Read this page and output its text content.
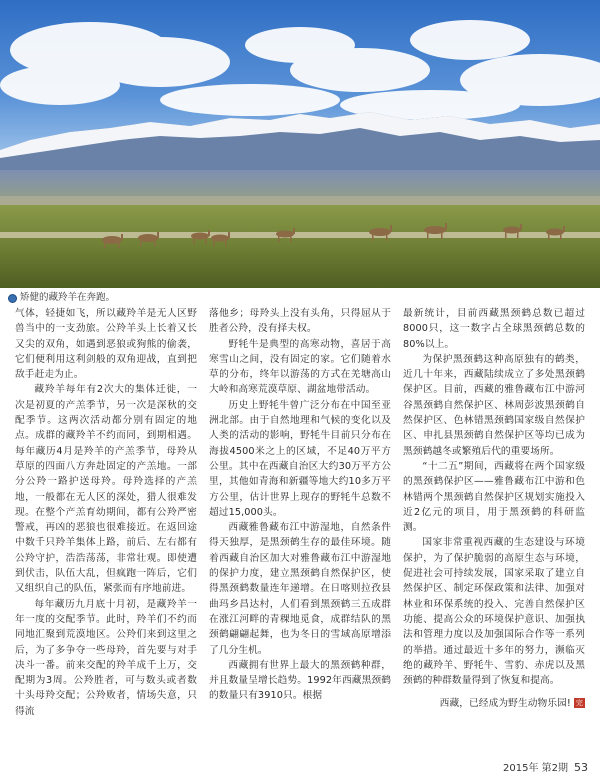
矫健的藏羚羊在奔跑。

气体，轻捷如飞，所以藏羚羊是无人区野兽当中的一支劲旅。公羚羊头上长着又长又尖的双角，如遇到恶狼或狗熊的偷袭，它们便利用这利剑般的双角迎战，直到把敌手赶走为止。

藏羚羊每年有2次大的集体迁徙，一次是初夏的产羔季节，另一次是深秋的交配季节。这两次活动都分别有固定的地点。成群的藏羚羊不约而同，到期相遇。每年藏历4月是羚羊的产羔季节，母羚从草原的四面八方奔赴固定的产羔地。一部分公羚一路护送母羚。母羚选择的产羔地，一般都在无人区的深处，猎人很难发现。在整个产羔育幼期间，都有公羚严密警戒，再凶的恶狼也很难接近。在返回途中数千只羚羊集体上路，前后、左右都有公羚守护，浩浩荡荡，非常壮观。即使遭到伏击，队伍大乱，但疯跑一阵后，它们又组织自己的队伍，紧张而有序地前进。

每年藏历九月底十月初，是藏羚羊一年一度的交配季节。此时，羚羊们不约而同地汇聚到荒漠地区。公羚们来到这里之后，为了多争夺一些母羚，首先要与对手决斗一番。前来交配的羚羊成千上万，交配期为3周。公羚胜者，可与数头或者数十头母羚交配；公羚败者，情场失意，只得流

落他乡；母羚头上没有头角，只得屈从于胜者公羚，没有择夫权。

野牦牛是典型的高寒动物，喜居于高寒雪山之间，没有固定的家。它们随着水草的分布，终年以游荡的方式在羌塘高山大岭和高寒荒漠草原、湖盆地带活动。

历史上野牦牛曾广泛分布在中国至亚洲北部。由于自然地理和气候的变化以及人类的活动的影响，野牦牛目前只分布在海拔4500米之上的区域，不足40万平方公里。其中在西藏自治区大约30万平方公里，其他如青海和新疆等地大约10多万平方公里，估计世界上现存的野牦牛总数不超过15,000头。

西藏雅鲁藏布江中游湿地，自然条件得天独厚，是黑颈鹤生存的最佳环境。随着西藏自治区加大对雅鲁藏布江中游湿地的保护力度，建立黑颈鹤自然保护区，使得黑颈鹤数量连年递增。在日喀则拉孜县曲玛乡昌达村，人们看到黑颈鹤三五成群在涨江河畔的青稞地觅食，成群结队的黑颈鹤翩翩起舞，也为冬日的雪域高原增添了几分生机。

西藏拥有世界上最大的黑颈鹤种群，并且数量呈增长趋势。1992年西藏黑颈鹤的数量只有3910只。根据

最新统计，目前西藏黑颈鹤总数已超过8000只，这一数字占全球黑颈鹤总数的80%以上。

为保护黑颈鹤这种高原独有的鹤类，近几十年来，西藏陆续成立了多处黑颈鹤保护区。目前，西藏的雅鲁藏布江中游河谷黑颈鹤自然保护区、林周彭波黑颈鹤自然保护区、色林错黑颈鹤国家级自然保护区、申扎县黑颈鹤自然保护区等均已成为黑颈鹤越冬或繁殖后代的重要场所。

“十二五”期间，西藏将在两个国家级的黑颈鹤保护区——雅鲁藏布江中游和色林错两个黑颈鹤自然保护区规划实施投入近2亿元的项目，用于黑颈鹤的科研监测。

国家非常重视西藏的生态建设与环境保护，为了保护脆弱的高原生态与环境，促进社会可持续发展，国家采取了建立自然保护区、制定环保政策和法律、加强对林业和环保系统的投入、完善自然保护区功能、提高公众的环境保护意识、加强执法和管理力度以及加强国际合作等一系列的举措。通过最近十多年的努力，濒临灭绝的藏羚羊、野牦牛、雪豹、赤虎以及黑颈鹤的种群数量得到了恢复和提高。

西藏，已经成为野生动物乐园! 完

2015年 第2期 53
